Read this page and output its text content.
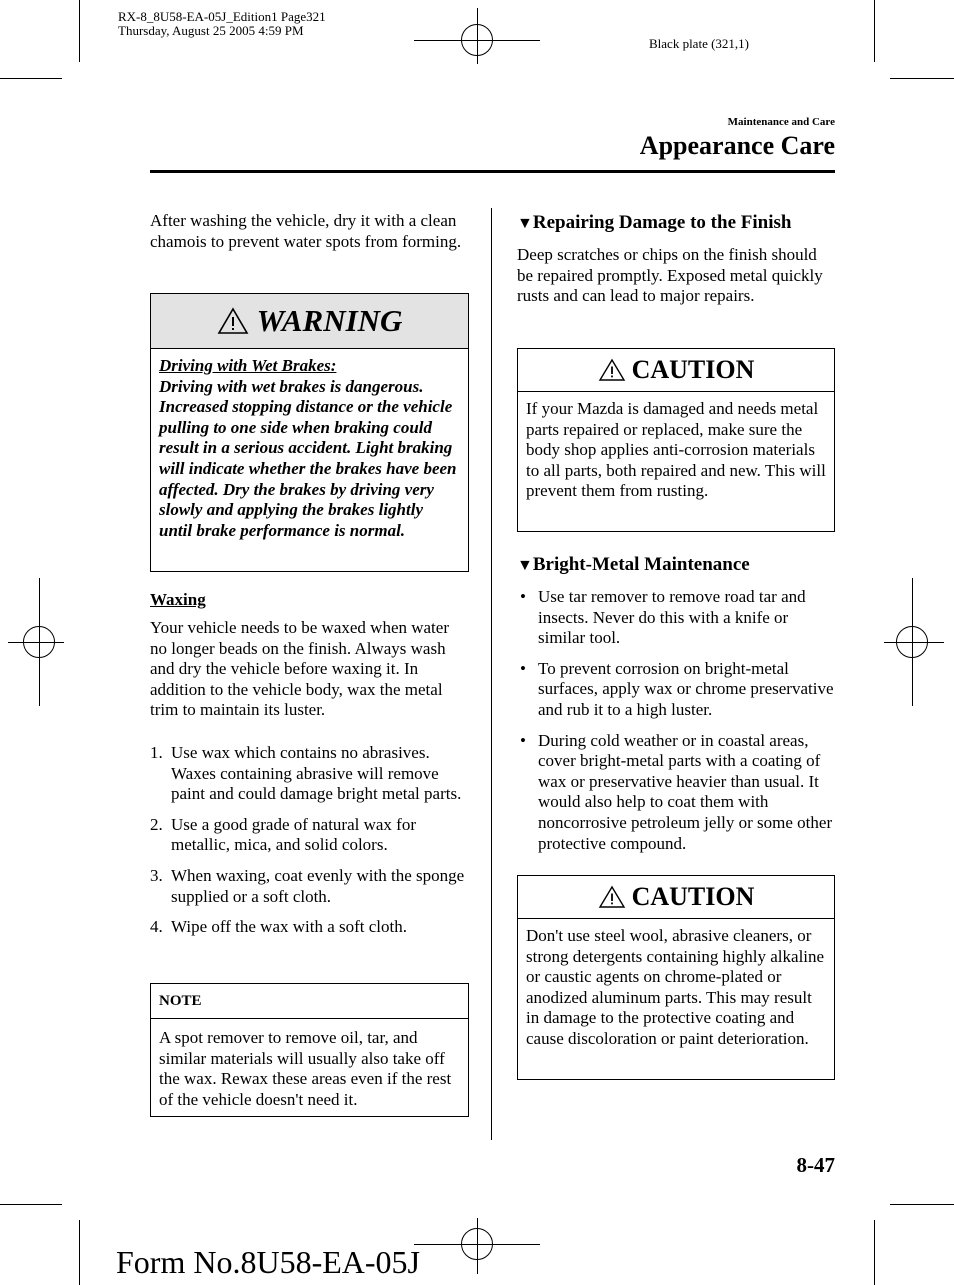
RX-8_8U58-EA-05J_Edition1 Page321
Thursday, August 25 2005 4:59 PM
Black plate (321,1)
Maintenance and Care
Appearance Care
After washing the vehicle, dry it with a clean chamois to prevent water spots from forming.
WARNING
Driving with Wet Brakes:
Driving with wet brakes is dangerous. Increased stopping distance or the vehicle pulling to one side when braking could result in a serious accident. Light braking will indicate whether the brakes have been affected. Dry the brakes by driving very slowly and applying the brakes lightly until brake performance is normal.
Waxing
Your vehicle needs to be waxed when water no longer beads on the finish. Always wash and dry the vehicle before waxing it. In addition to the vehicle body, wax the metal trim to maintain its luster.
1. Use wax which contains no abrasives. Waxes containing abrasive will remove paint and could damage bright metal parts.
2. Use a good grade of natural wax for metallic, mica, and solid colors.
3. When waxing, coat evenly with the sponge supplied or a soft cloth.
4. Wipe off the wax with a soft cloth.
NOTE
A spot remover to remove oil, tar, and similar materials will usually also take off the wax. Rewax these areas even if the rest of the vehicle doesn't need it.
▼Repairing Damage to the Finish
Deep scratches or chips on the finish should be repaired promptly. Exposed metal quickly rusts and can lead to major repairs.
CAUTION
If your Mazda is damaged and needs metal parts repaired or replaced, make sure the body shop applies anti-corrosion materials to all parts, both repaired and new. This will prevent them from rusting.
▼Bright-Metal Maintenance
• Use tar remover to remove road tar and insects. Never do this with a knife or similar tool.
• To prevent corrosion on bright-metal surfaces, apply wax or chrome preservative and rub it to a high luster.
• During cold weather or in coastal areas, cover bright-metal parts with a coating of wax or preservative heavier than usual. It would also help to coat them with noncorrosive petroleum jelly or some other protective compound.
CAUTION
Don't use steel wool, abrasive cleaners, or strong detergents containing highly alkaline or caustic agents on chrome-plated or anodized aluminum parts. This may result in damage to the protective coating and cause discoloration or paint deterioration.
8-47
Form No.8U58-EA-05J
